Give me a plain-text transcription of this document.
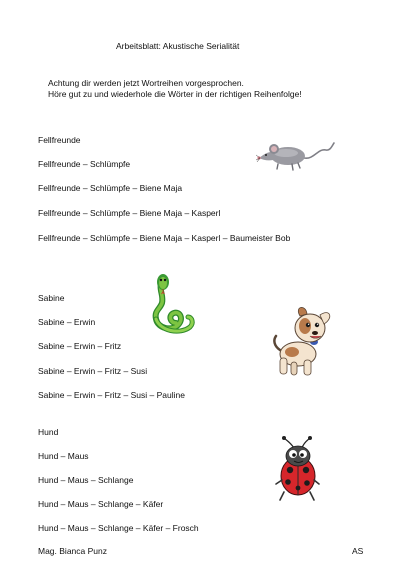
Arbeitsblatt: Akustische Serialität
Achtung dir werden jetzt Wortreihen vorgesprochen.
Höre gut zu und wiederhole die Wörter in der richtigen Reihenfolge!
Fellfreunde
Fellfreunde – Schlümpfe
Fellfreunde – Schlümpfe – Biene Maja
Fellfreunde – Schlümpfe – Biene Maja – Kasperl
Fellfreunde – Schlümpfe – Biene Maja – Kasperl – Baumeister Bob
Sabine
Sabine – Erwin
Sabine – Erwin – Fritz
Sabine – Erwin – Fritz – Susi
Sabine – Erwin – Fritz – Susi – Pauline
Hund
Hund – Maus
Hund – Maus – Schlange
Hund – Maus – Schlange – Käfer
Hund – Maus – Schlange – Käfer – Frosch
Mag. Bianca Punz	AS
